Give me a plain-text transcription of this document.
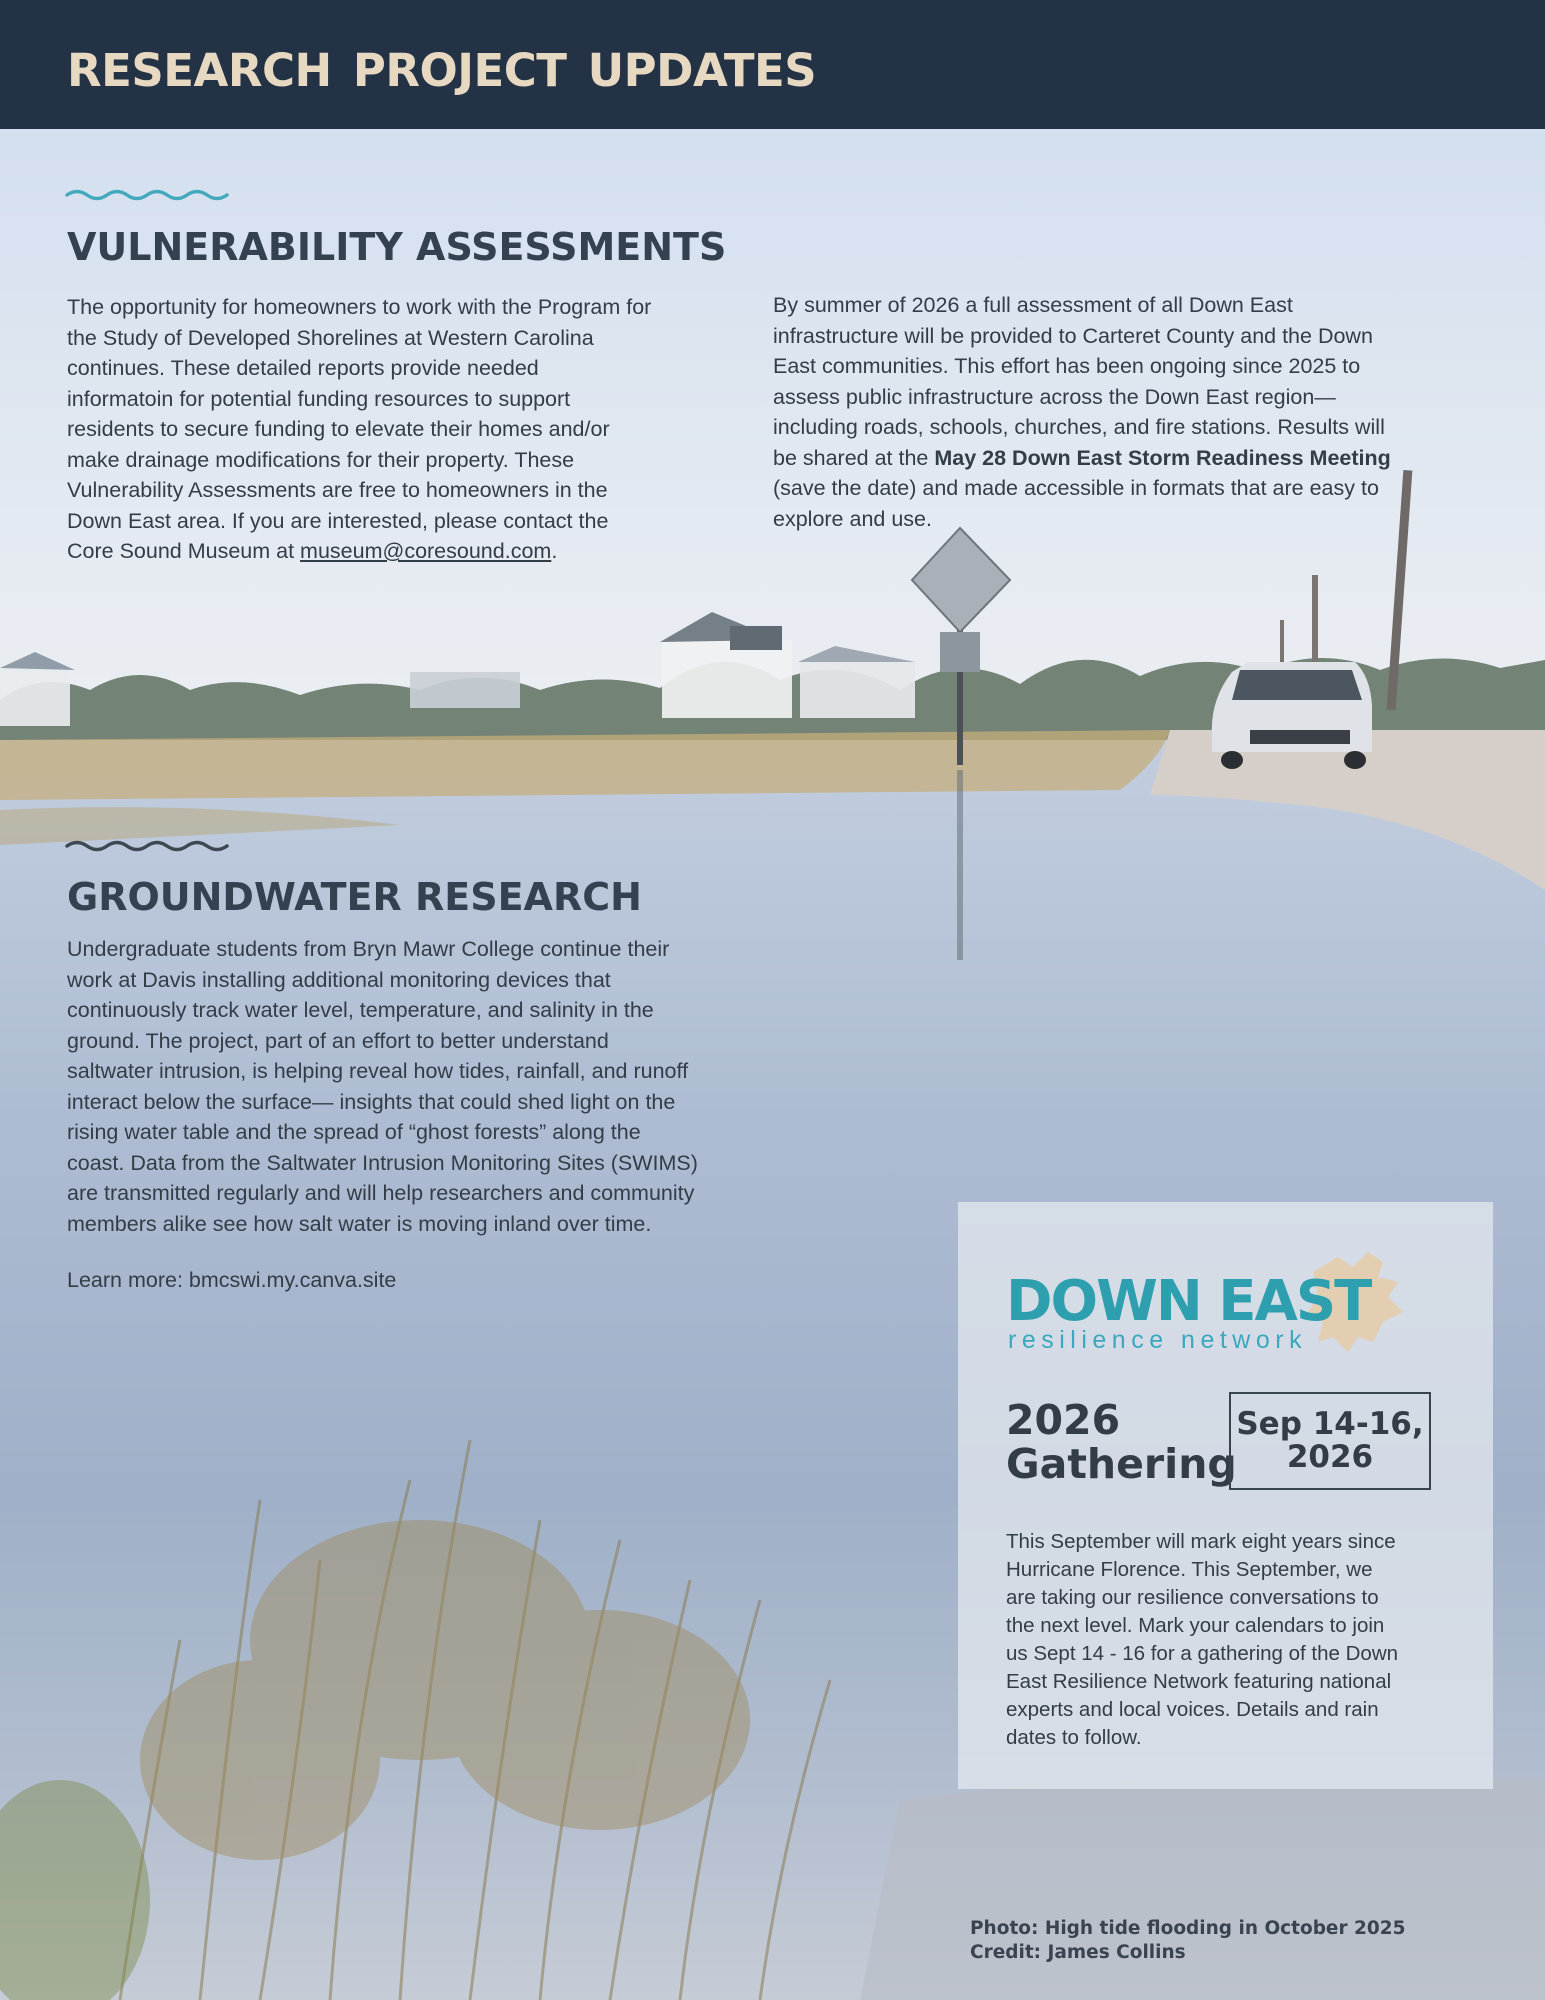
RESEARCH PROJECT UPDATES
VULNERABILITY ASSESSMENTS

The opportunity for homeowners to work with the Program for
the Study of Developed Shorelines at Western Carolina
continues. These detailed reports provide needed
informatoin for potential funding resources to support
residents to secure funding to elevate their homes and/or
make drainage modifications for their property. These
Vulnerability Assessments are free to homeowners in the
Down East area. If you are interested, please contact the
Core Sound Museum at museum@coresound.com.

By summer of 2026 a full assessment of all Down East
infrastructure will be provided to Carteret County and the Down
East communities. This effort has been ongoing since 2025 to
assess public infrastructure across the Down East region—
including roads, schools, churches, and fire stations. Results will
be shared at the May 28 Down East Storm Readiness Meeting
(save the date) and made accessible in formats that are easy to
explore and use.

GROUNDWATER RESEARCH

Undergraduate students from Bryn Mawr College continue their
work at Davis installing additional monitoring devices that
continuously track water level, temperature, and salinity in the
ground. The project, part of an effort to better understand
saltwater intrusion, is helping reveal how tides, rainfall, and runoff
interact below the surface— insights that could shed light on the
rising water table and the spread of “ghost forests” along the
coast. Data from the Saltwater Intrusion Monitoring Sites (SWIMS)
are transmitted regularly and will help researchers and community
members alike see how salt water is moving inland over time.

Learn more: bmcswi.my.canva.site	DOWN EAST
resilience network
2026
Gathering
Sep 14-16,
2026

This September will mark eight years since
Hurricane Florence. This September, we
are taking our resilience conversations to
the next level. Mark your calendars to join
us Sept 14 - 16 for a gathering of the Down
East Resilience Network featuring national
experts and local voices. Details and rain
dates to follow.

Photo: High tide flooding in October 2025
Credit: James Collins
